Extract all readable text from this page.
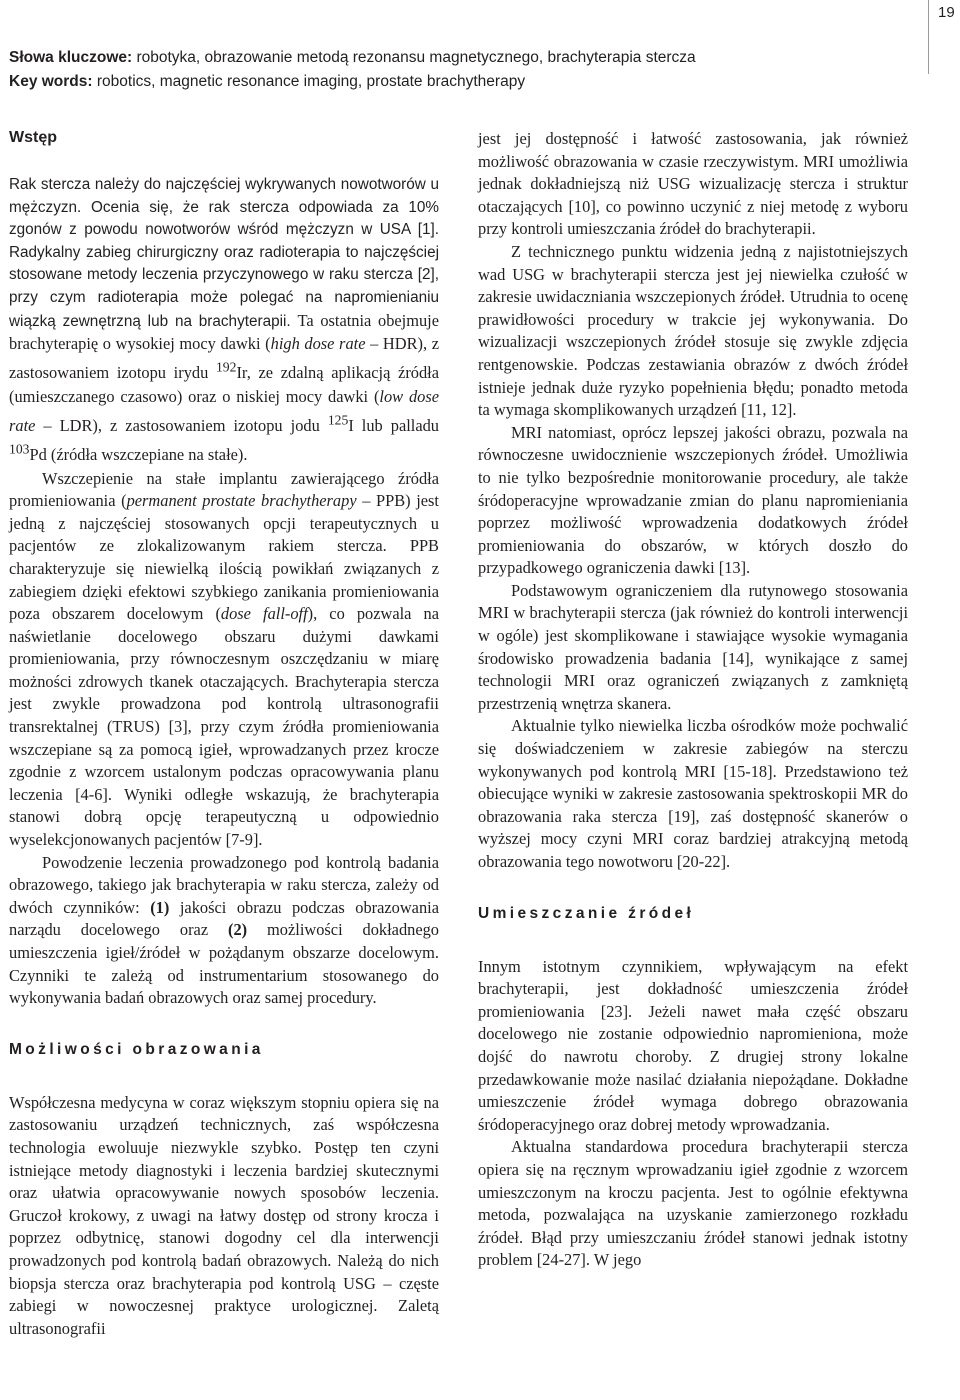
19
Słowa kluczowe: robotyka, obrazowanie metodą rezonansu magnetycznego, brachyterapia stercza
Key words: robotics, magnetic resonance imaging, prostate brachytherapy
Wstęp

Rak stercza należy do najczęściej wykrywanych nowotworów u mężczyzn. Ocenia się, że rak stercza odpowiada za 10% zgonów z powodu nowotworów wśród mężczyzn w USA [1]. Radykalny zabieg chirurgiczny oraz radioterapia to najczęściej stosowane metody leczenia przyczynowego w raku stercza [2], przy czym radioterapia może polegać na napromienianiu wiązką zewnętrzną lub na brachyterapii. Ta ostatnia obejmuje brachyterapię o wysokiej mocy dawki (high dose rate – HDR), z zastosowaniem izotopu irydu $^{192}$Ir, ze zdalną aplikacją źródła (umieszczanego czasowo) oraz o niskiej mocy dawki (low dose rate – LDR), z zastosowaniem izotopu jodu $^{125}$I lub palladu $^{103}$Pd (źródła wszczepiane na stałe).

Wszczepienie na stałe implantu zawierającego źródła promieniowania (permanent prostate brachytherapy – PPB) jest jedną z najczęściej stosowanych opcji terapeutycznych u pacjentów ze zlokalizowanym rakiem stercza. PPB charakteryzuje się niewielką ilością powikłań związanych z zabiegiem dzięki efektowi szybkiego zanikania promieniowania poza obszarem docelowym (dose fall-off), co pozwala na naświetlanie docelowego obszaru dużymi dawkami promieniowania, przy równoczesnym oszczędzaniu w miarę możności zdrowych tkanek otaczających. Brachyterapia stercza jest zwykle prowadzona pod kontrolą ultrasonografii transrektalnej (TRUS) [3], przy czym źródła promieniowania wszczepiane są za pomocą igieł, wprowadzanych przez krocze zgodnie z wzorcem ustalonym podczas opracowywania planu leczenia [4-6]. Wyniki odległe wskazują, że brachyterapia stanowi dobrą opcję terapeutyczną u odpowiednio wyselekcjonowanych pacjentów [7-9].

Powodzenie leczenia prowadzonego pod kontrolą badania obrazowego, takiego jak brachyterapia w raku stercza, zależy od dwóch czynników: (1) jakości obrazu podczas obrazowania narządu docelowego oraz (2) możliwości dokładnego umieszczenia igieł/źródeł w pożądanym obszarze docelowym. Czynniki te zależą od instrumentarium stosowanego do wykonywania badań obrazowych oraz samej procedury.

Możliwości obrazowania

Współczesna medycyna w coraz większym stopniu opiera się na zastosowaniu urządzeń technicznych, zaś współczesna technologia ewoluuje niezwykle szybko. Postęp ten czyni istniejące metody diagnostyki i leczenia bardziej skutecznymi oraz ułatwia opracowywanie nowych sposobów leczenia. Gruczoł krokowy, z uwagi na łatwy dostęp od strony krocza i poprzez odbytnicę, stanowi dogodny cel dla interwencji prowadzonych pod kontrolą badań obrazowych. Należą do nich biopsja stercza oraz brachyterapia pod kontrolą USG – częste zabiegi w nowoczesnej praktyce urologicznej. Zaletą ultrasonografii

jest jej dostępność i łatwość zastosowania, jak również możliwość obrazowania w czasie rzeczywistym. MRI umożliwia jednak dokładniejszą niż USG wizualizację stercza i struktur otaczających [10], co powinno uczynić z niej metodę z wyboru przy kontroli umieszczania źródeł do brachyterapii.

Z technicznego punktu widzenia jedną z najistotniejszych wad USG w brachyterapii stercza jest jej niewielka czułość w zakresie uwidaczniania wszczepionych źródeł. Utrudnia to ocenę prawidłowości procedury w trakcie jej wykonywania. Do wizualizacji wszczepionych źródeł stosuje się zwykle zdjęcia rentgenowskie. Podczas zestawiania obrazów z dwóch źródeł istnieje jednak duże ryzyko popełnienia błędu; ponadto metoda ta wymaga skomplikowanych urządzeń [11, 12].

MRI natomiast, oprócz lepszej jakości obrazu, pozwala na równoczesne uwidocznienie wszczepionych źródeł. Umożliwia to nie tylko bezpośrednie monitorowanie procedury, ale także śródoperacyjne wprowadzanie zmian do planu napromieniania poprzez możliwość wprowadzenia dodatkowych źródeł promieniowania do obszarów, w których doszło do przypadkowego ograniczenia dawki [13].

Podstawowym ograniczeniem dla rutynowego stosowania MRI w brachyterapii stercza (jak również do kontroli interwencji w ogóle) jest skomplikowane i stawiające wysokie wymagania środowisko prowadzenia badania [14], wynikające z samej technologii MRI oraz ograniczeń związanych z zamkniętą przestrzenią wnętrza skanera.

Aktualnie tylko niewielka liczba ośrodków może pochwalić się doświadczeniem w zakresie zabiegów na sterczu wykonywanych pod kontrolą MRI [15-18]. Przedstawiono też obiecujące wyniki w zakresie zastosowania spektroskopii MR do obrazowania raka stercza [19], zaś dostępność skanerów o wyższej mocy czyni MRI coraz bardziej atrakcyjną metodą obrazowania tego nowotworu [20-22].

Umieszczanie źródeł

Innym istotnym czynnikiem, wpływającym na efekt brachyterapii, jest dokładność umieszczenia źródeł promieniowania [23]. Jeżeli nawet mała część obszaru docelowego nie zostanie odpowiednio napromieniona, może dojść do nawrotu choroby. Z drugiej strony lokalne przedawkowanie może nasilać działania niepożądane. Dokładne umieszczenie źródeł wymaga dobrego obrazowania śródoperacyjnego oraz dobrej metody wprowadzania.

Aktualna standardowa procedura brachyterapii stercza opiera się na ręcznym wprowadzaniu igieł zgodnie z wzorcem umieszczonym na kroczu pacjenta. Jest to ogólnie efektywna metoda, pozwalająca na uzyskanie zamierzonego rozkładu źródeł. Błąd przy umieszczaniu źródeł stanowi jednak istotny problem [24-27]. W jego
